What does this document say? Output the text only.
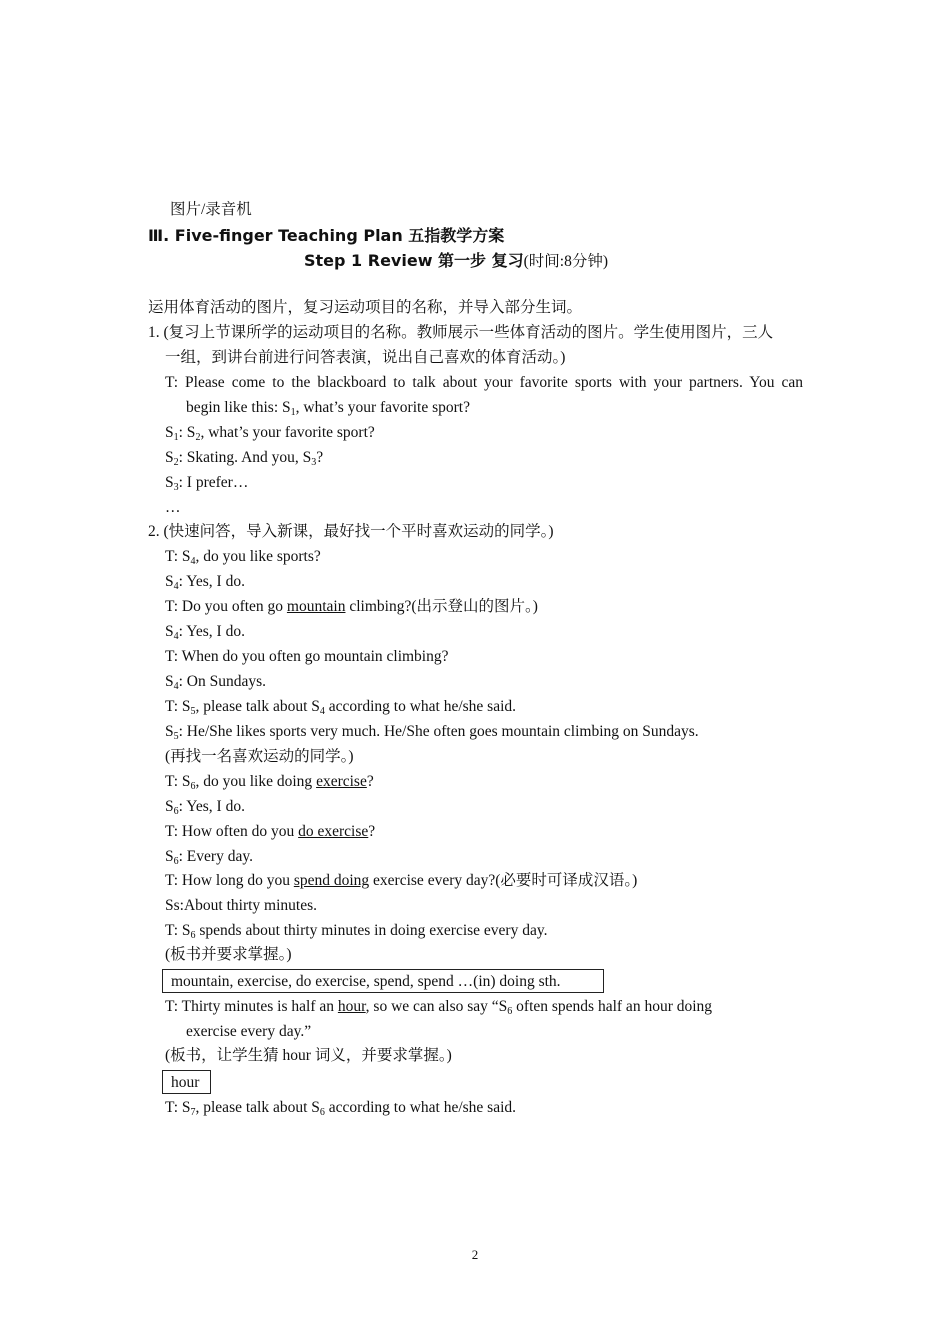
图片/录音机
Ⅲ. Five-finger Teaching Plan 五指教学方案
Step 1 Review 第一步 复习(时间:8分钟)
运用体育活动的图片，复习运动项目的名称，并导入部分生词。
1. (复习上节课所学的运动项目的名称。教师展示一些体育活动的图片。学生使用图片，三人
一组，到讲台前进行问答表演，说出自己喜欢的体育活动。)
T: Please come to the blackboard to talk about your favorite sports with your partners. You can
begin like this: $S_1$, what’s your favorite sport?
$S_1$: $S_2$, what’s your favorite sport?
$S_2$: Skating. And you, $S_3$?
$S_3$: I prefer…
…
2. (快速问答，导入新课，最好找一个平时喜欢运动的同学。)
T: $S_4$, do you like sports?
$S_4$: Yes, I do.
T: Do you often go mountain climbing?(出示登山的图片。)
$S_4$: Yes, I do.
T: When do you often go mountain climbing?
$S_4$: On Sundays.
T: $S_5$, please talk about $S_4$ according to what he/she said.
$S_5$: He/She likes sports very much. He/She often goes mountain climbing on Sundays.
(再找一名喜欢运动的同学。)
T: $S_6$, do you like doing exercise?
$S_6$: Yes, I do.
T: How often do you do exercise?
$S_6$: Every day.
T: How long do you spend doing exercise every day?(必要时可译成汉语。)
Ss:About thirty minutes.
T: $S_6$ spends about thirty minutes in doing exercise every day.
(板书并要求掌握。)
mountain, exercise, do exercise, spend, spend …(in) doing sth.
T: Thirty minutes is half an hour, so we can also say “$S_6$ often spends half an hour doing
exercise every day.”
(板书，让学生猜 hour 词义，并要求掌握。)
hour
T: $S_7$, please talk about $S_6$ according to what he/she said.
2
